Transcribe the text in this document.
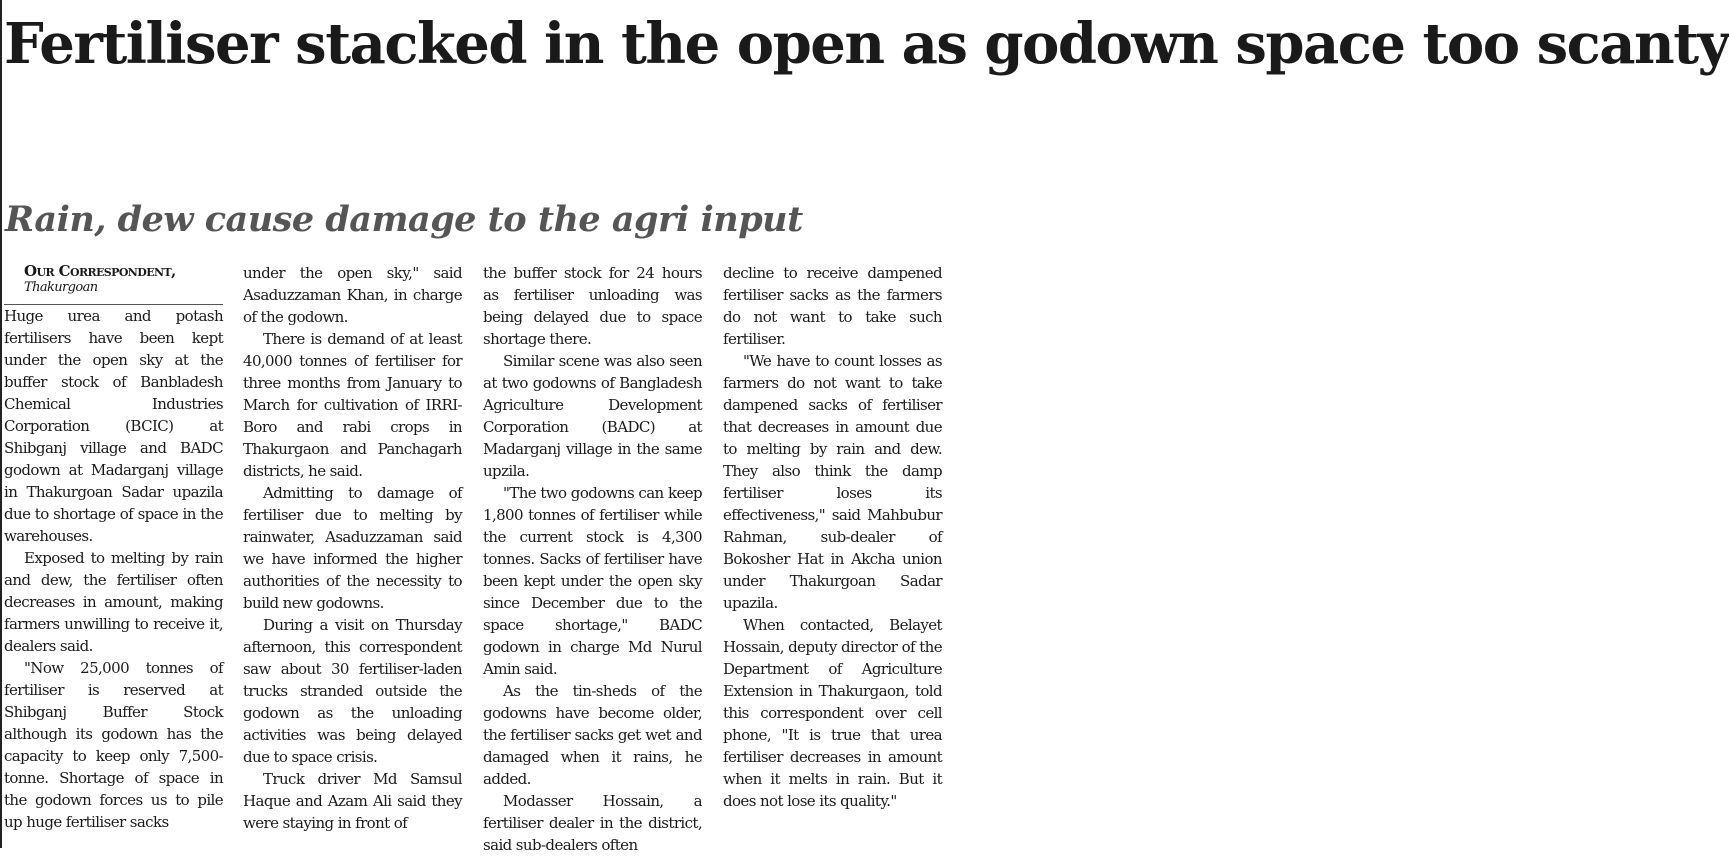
Fertiliser stacked in the open as godown space too scanty
Rain, dew cause damage to the agri input

Our Correspondent,

Thakurgoan

Huge urea and potash fertilisers have been kept under the open sky at the buffer stock of Banbladesh Chemical Industries Corporation (BCIC) at Shibganj village and BADC godown at Madarganj village in Thakurgoan Sadar upazila due to shortage of space in the warehouses.

Exposed to melting by rain and dew, the fertiliser often decreases in amount, making farmers unwilling to receive it, dealers said.

"Now 25,000 tonnes of fertiliser is reserved at Shibganj Buffer Stock although its godown has the capacity to keep only 7,500-tonne. Shortage of space in the godown forces us to pile up huge fertiliser sacks

under the open sky," said Asaduzzaman Khan, in charge of the godown.

There is demand of at least 40,000 tonnes of fertiliser for three months from January to March for cultivation of IRRI-Boro and rabi crops in Thakurgaon and Panchagarh districts, he said.

Admitting to damage of fertiliser due to melting by rainwater, Asaduzzaman said we have informed the higher authorities of the necessity to build new godowns.

During a visit on Thursday afternoon, this correspondent saw about 30 fertiliser-laden trucks stranded outside the godown as the unloading activities was being delayed due to space crisis.

Truck driver Md Samsul Haque and Azam Ali said they were staying in front of

the buffer stock for 24 hours as fertiliser unloading was being delayed due to space shortage there.

Similar scene was also seen at two godowns of Bangladesh Agriculture Development Corporation (BADC) at Madarganj village in the same upzila.

"The two godowns can keep 1,800 tonnes of fertiliser while the current stock is 4,300 tonnes. Sacks of fertiliser have been kept under the open sky since December due to the space shortage," BADC godown in charge Md Nurul Amin said.

As the tin-sheds of the godowns have become older, the fertiliser sacks get wet and damaged when it rains, he added.

Modasser Hossain, a fertiliser dealer in the district, said sub-dealers often

decline to receive dampened fertiliser sacks as the farmers do not want to take such fertiliser.

"We have to count losses as farmers do not want to take dampened sacks of fertiliser that decreases in amount due to melting by rain and dew. They also think the damp fertiliser loses its effectiveness," said Mahbubur Rahman, sub-dealer of Bokosher Hat in Akcha union under Thakurgoan Sadar upazila.

When contacted, Belayet Hossain, deputy director of the Department of Agriculture Extension in Thakurgaon, told this correspondent over cell phone, "It is true that urea fertiliser decreases in amount when it melts in rain. But it does not lose its quality."
